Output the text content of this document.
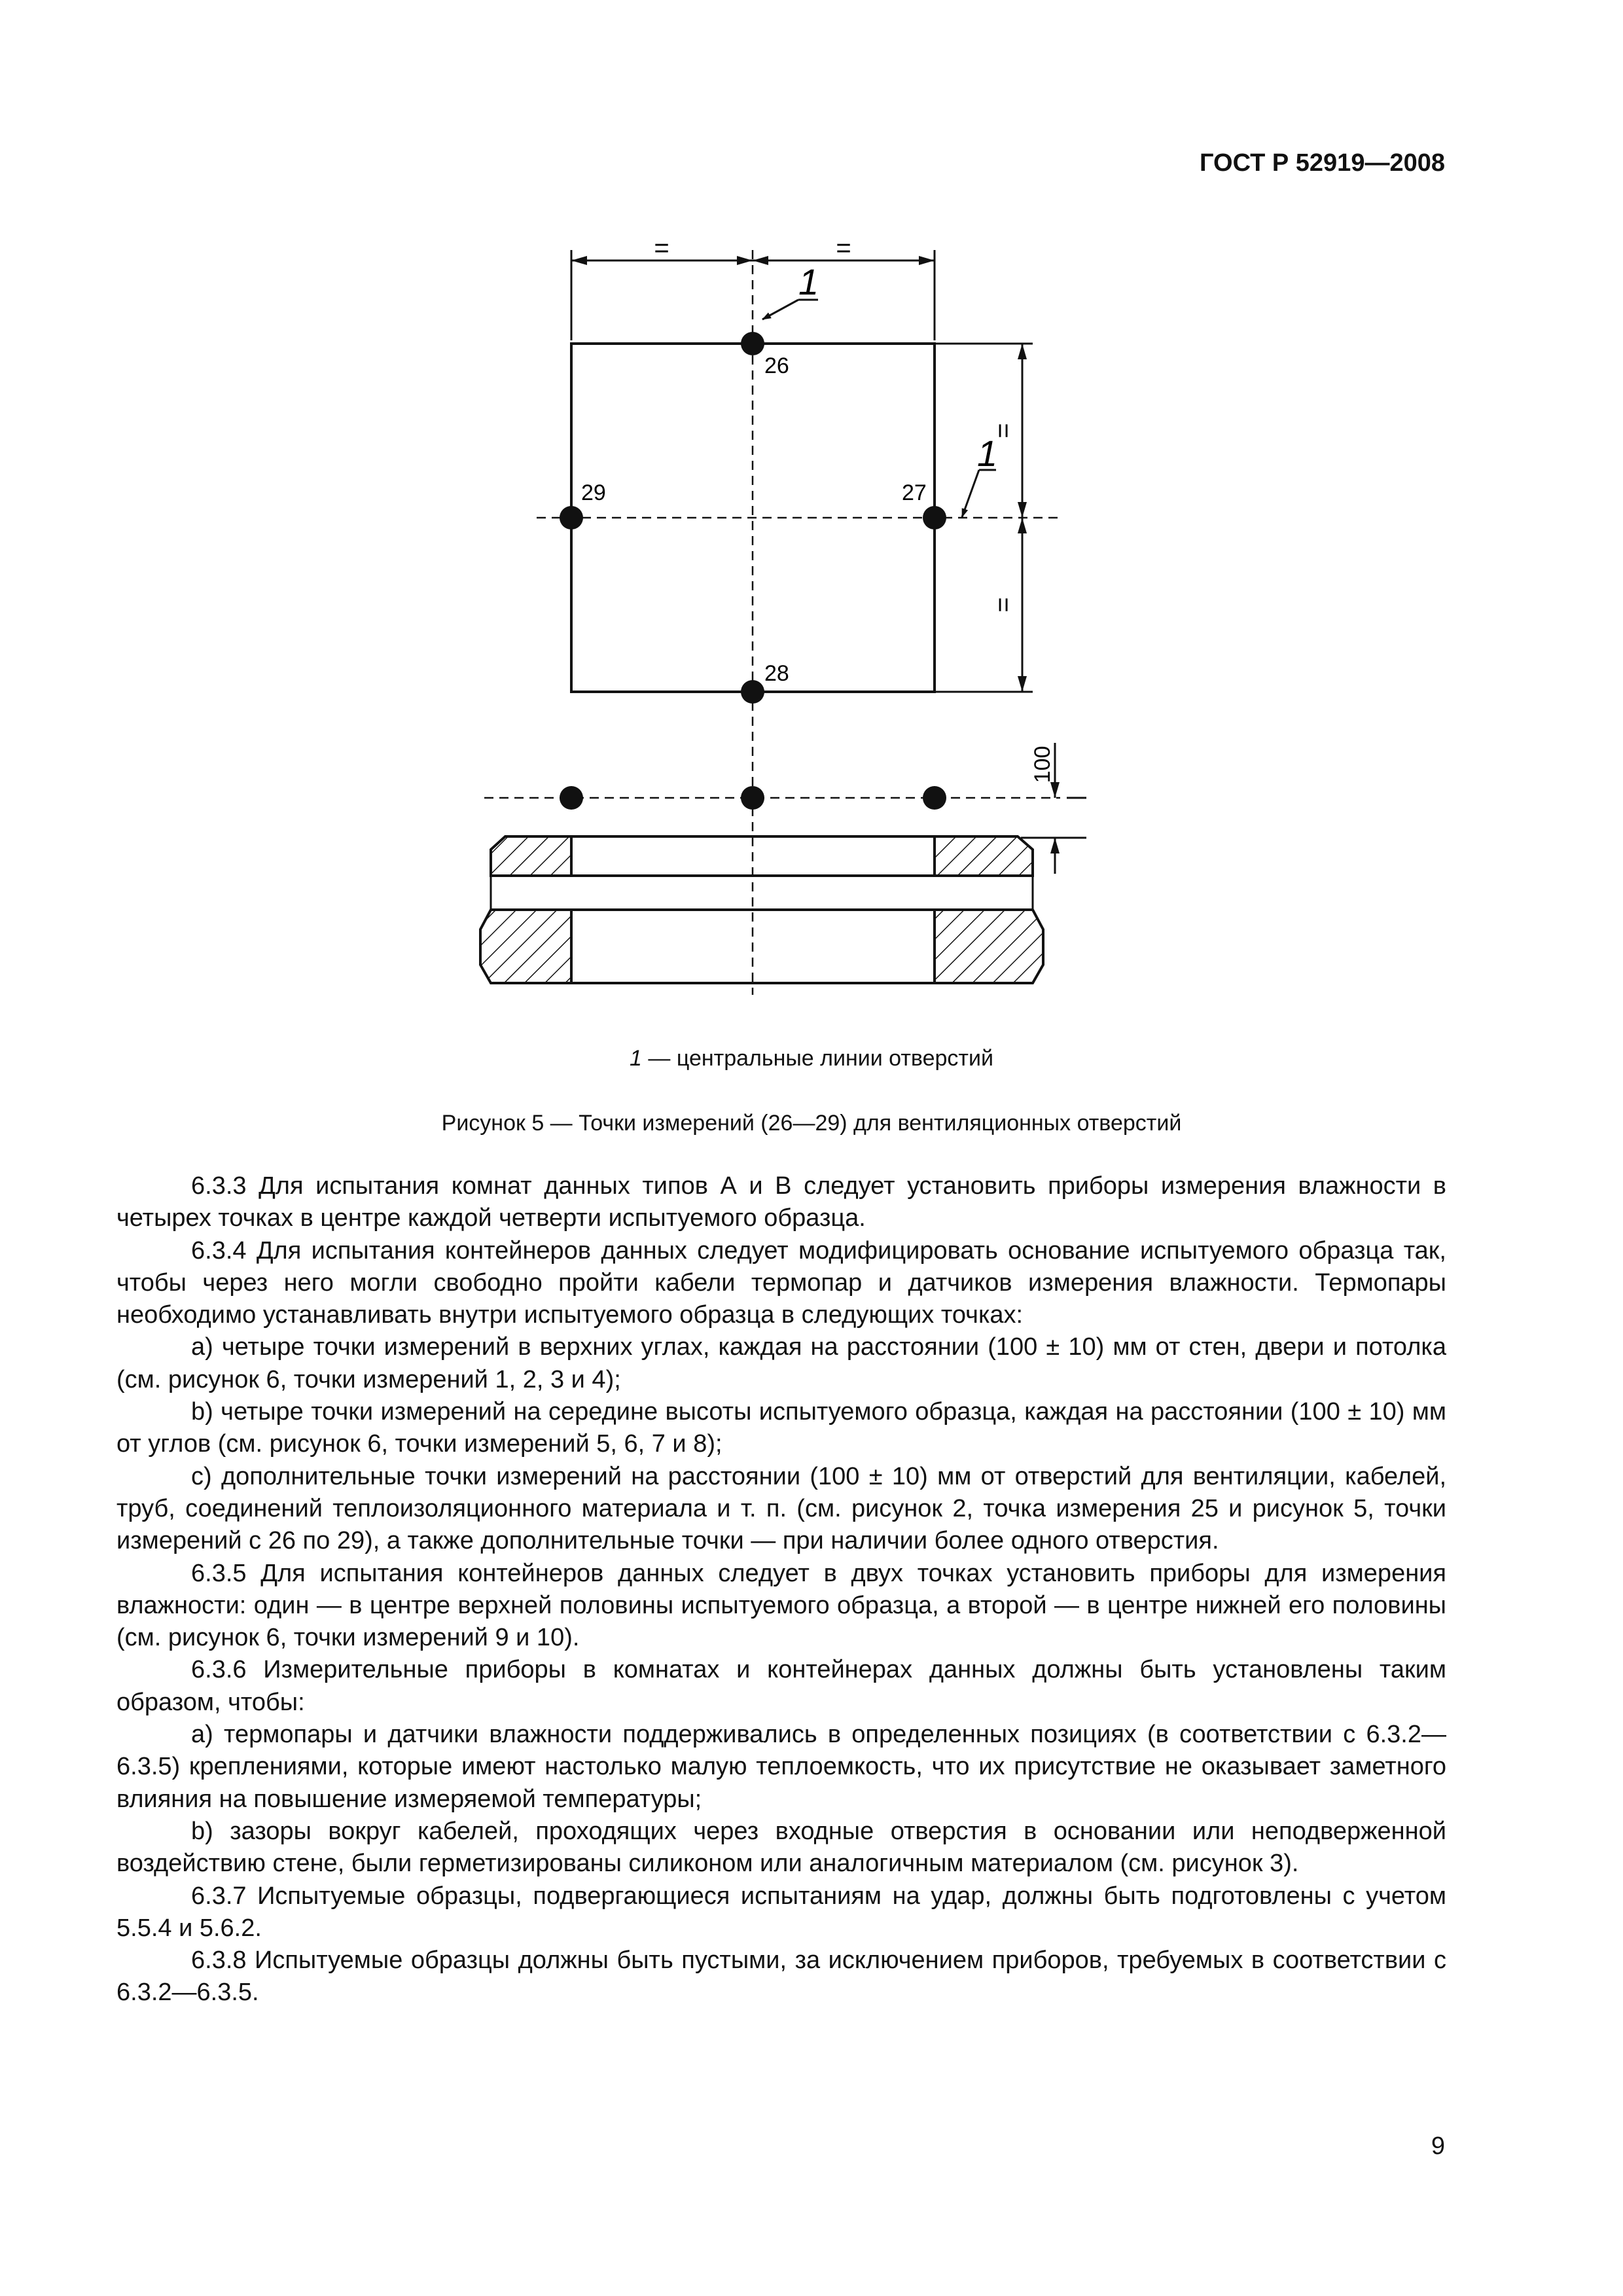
ГОСТ Р 52919—2008
=	=
1
1
26
27
28
29
=
=
100
1 — центральные линии отверстий
Рисунок 5 — Точки измерений (26—29) для вентиляционных отверстий

6.3.3 Для испытания комнат данных типов А и В следует установить приборы измерения влажности в четырех точках в центре каждой четверти испытуемого образца.

6.3.4 Для испытания контейнеров данных следует модифицировать основание испытуемого образца так, чтобы через него могли свободно пройти кабели термопар и датчиков измерения влажности. Термопары необходимо устанавливать внутри испытуемого образца в следующих точках:

a) четыре точки измерений в верхних углах, каждая на расстоянии (100 ± 10) мм от стен, двери и потолка (см. рисунок 6, точки измерений 1, 2, 3 и 4);

b) четыре точки измерений на середине высоты испытуемого образца, каждая на расстоянии (100 ± 10) мм от углов (см. рисунок 6, точки измерений 5, 6, 7 и 8);

c) дополнительные точки измерений на расстоянии (100 ± 10) мм от отверстий для вентиляции, кабелей, труб, соединений теплоизоляционного материала и т. п. (см. рисунок 2, точка измерения 25 и рисунок 5, точки измерений с 26 по 29), а также дополнительные точки — при наличии более одного отверстия.

6.3.5 Для испытания контейнеров данных следует в двух точках установить приборы для измерения влажности: один — в центре верхней половины испытуемого образца, а второй — в центре нижней его половины (см. рисунок 6, точки измерений 9 и 10).

6.3.6 Измерительные приборы в комнатах и контейнерах данных должны быть установлены таким образом, чтобы:

a) термопары и датчики влажности поддерживались в определенных позициях (в соответствии с 6.3.2—6.3.5) креплениями, которые имеют настолько малую теплоемкость, что их присутствие не оказывает заметного влияния на повышение измеряемой температуры;

b) зазоры вокруг кабелей, проходящих через входные отверстия в основании или неподверженной воздействию стене, были герметизированы силиконом или аналогичным материалом (см. рисунок 3).

6.3.7 Испытуемые образцы, подвергающиеся испытаниям на удар, должны быть подготовлены с учетом 5.5.4 и 5.6.2.

6.3.8 Испытуемые образцы должны быть пустыми, за исключением приборов, требуемых в соответствии с 6.3.2—6.3.5.

9
